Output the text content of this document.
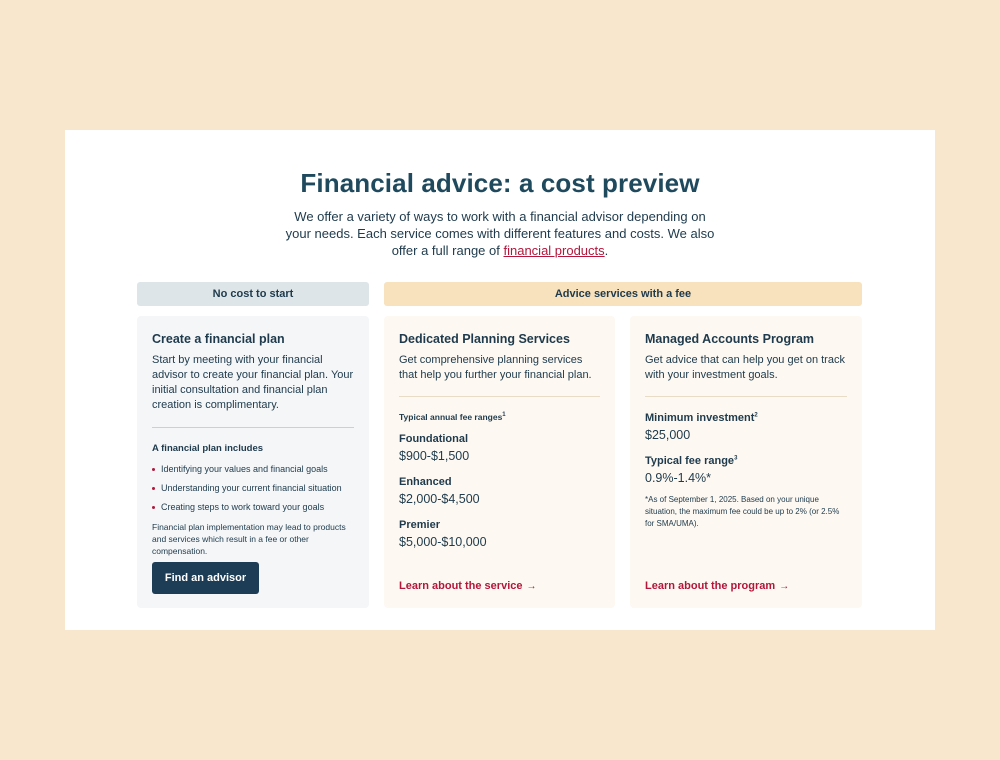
Financial advice: a cost preview

We offer a variety of ways to work with a financial advisor depending on your needs. Each service comes with different features and costs. We also offer a full range of financial products.

No cost to start	Advice services with a fee
Create a financial plan
Start by meeting with your financial advisor to create your financial plan. Your initial consultation and financial plan creation is complimentary.
A financial plan includes
Identifying your values and financial goals
Understanding your current financial situation
Creating steps to work toward your goals
Financial plan implementation may lead to products and services which result in a fee or other compensation.
Find an advisor
Dedicated Planning Services
Get comprehensive planning services that help you further your financial plan.
Typical annual fee ranges$^1$
Foundational
$900-$1,500
Enhanced
$2,000-$4,500
Premier
$5,000-$10,000
Learn about the service →
Managed Accounts Program
Get advice that can help you get on track with your investment goals.
Minimum investment$^2$
$25,000
Typical fee range$^3$
0.9%-1.4%*
*As of September 1, 2025. Based on your unique situation, the maximum fee could be up to 2% (or 2.5% for SMA/UMA).
Learn about the program →
